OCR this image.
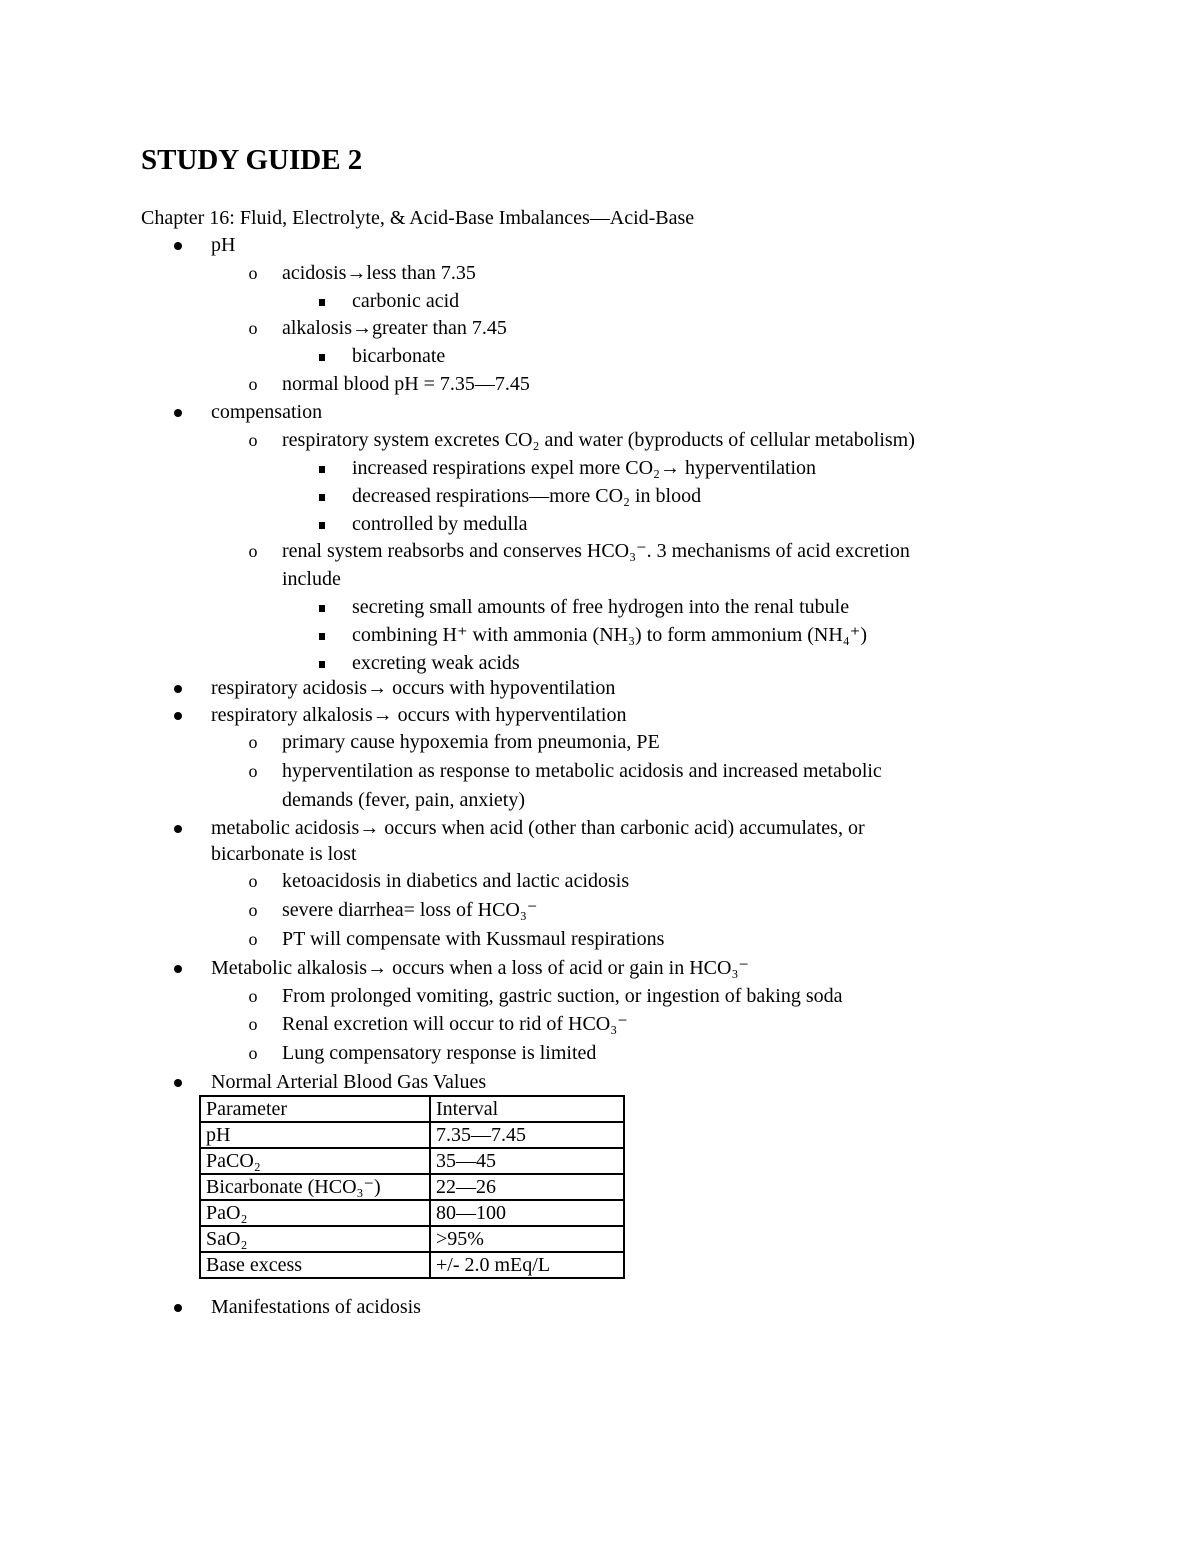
STUDY GUIDE 2
Chapter 16: Fluid, Electrolyte, & Acid-Base Imbalances—Acid-Base
pH
o acidosis→less than 7.35
carbonic acid
o alkalosis→greater than 7.45
bicarbonate
o normal blood pH = 7.35—7.45
compensation
o respiratory system excretes CO₂ and water (byproducts of cellular metabolism)
increased respirations expel more CO₂→ hyperventilation
decreased respirations—more CO₂ in blood
controlled by medulla
o renal system reabsorbs and conserves HCO₃⁻. 3 mechanisms of acid excretion
include
secreting small amounts of free hydrogen into the renal tubule
combining H⁺ with ammonia (NH₃) to form ammonium (NH₄⁺)
excreting weak acids
respiratory acidosis→ occurs with hypoventilation
respiratory alkalosis→ occurs with hyperventilation
o primary cause hypoxemia from pneumonia, PE
o hyperventilation as response to metabolic acidosis and increased metabolic
demands (fever, pain, anxiety)
metabolic acidosis→ occurs when acid (other than carbonic acid) accumulates, or
bicarbonate is lost
o ketoacidosis in diabetics and lactic acidosis
o severe diarrhea= loss of HCO₃⁻
o PT will compensate with Kussmaul respirations
Metabolic alkalosis→ occurs when a loss of acid or gain in HCO₃⁻
o From prolonged vomiting, gastric suction, or ingestion of baking soda
o Renal excretion will occur to rid of HCO₃⁻
o Lung compensatory response is limited
Normal Arterial Blood Gas Values
Parameter	Interval
pH	7.35—7.45
PaCO₂	35—45
Bicarbonate (HCO₃⁻)	22—26
PaO₂	80—100
SaO₂	>95%
Base excess	+/- 2.0 mEq/L
Manifestations of acidosis
